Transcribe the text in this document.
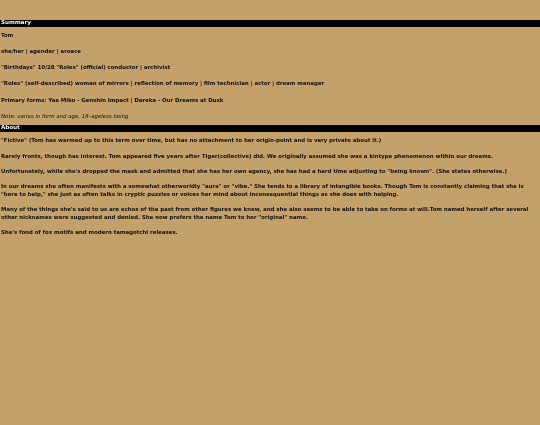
Summary

Tom

she/her | agender | aroace

"Birthdays" 10/28 "Roles" (official) conductor | archivist

"Roles" (self-described) woman of mirrors | reflection of memory | film technician | actor | dream manager

Primary forms: Yae Miko - Genshin Impact | Dareka - Our Dreams at Dusk

Note: varies in form and age, 18–ageless being

About

"Fictive" (Tom has warmed up to this term over time, but has no attachment to her origin-point and is very private about it.)

Rarely fronts, though has interest. Tom appeared five years after Tiger(collective) did. We originally assumed she was a kintype phenomenon within our dreams.

Unfortunately, while she's dropped the mask and admitted that she has her own agency, she has had a hard time adjusting to "being known". (She states otherwise.)

In our dreams she often manifests with a somewhat otherworldly "aura" or "vibe." She tends to a library of intangible books. Though Tom is constantly claiming that she is "here to help," she just as often talks in cryptic puzzles or voices her mind about inconsequential things as she does with helping.

Many of the things she's said to us are echos of the past from other figures we knew, and she also seems to be able to take on forms at will.Tom named herself after several other nicknames were suggested and denied. She now prefers the name Tom to her "original" name.

She's fond of fox motifs and modern tamagotchi releases.
